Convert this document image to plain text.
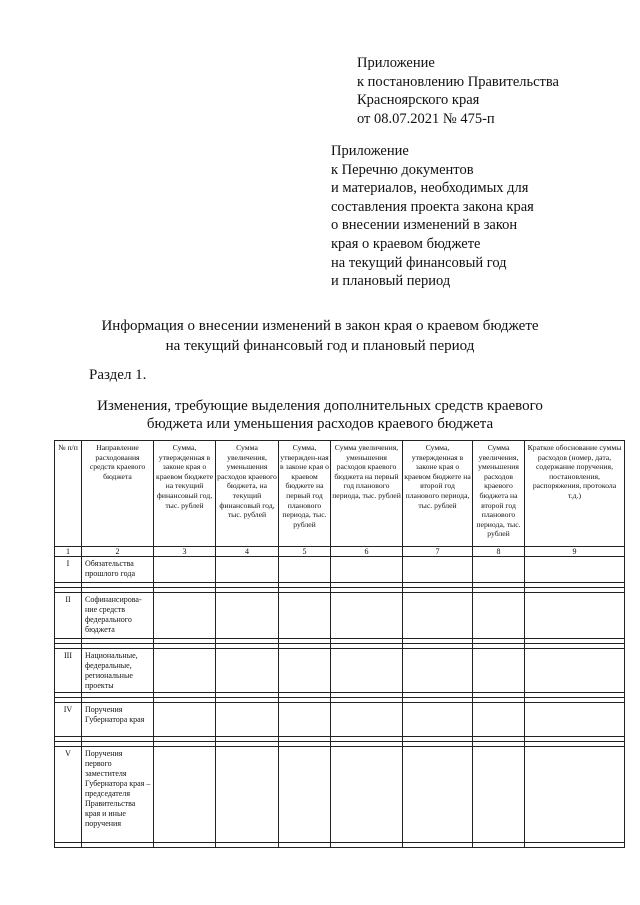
Приложение
к постановлению Правительства
Красноярского края
от 08.07.2021 № 475-п
Приложение
к Перечню документов
и материалов, необходимых для
составления проекта закона края
о внесении изменений в закон
края о краевом бюджете
на текущий финансовый год
и плановый период
Информация о внесении изменений в закон края о краевом бюджете
на текущий финансовый год и плановый период
Раздел 1.
Изменения, требующие выделения дополнительных средств краевого
бюджета или уменьшения расходов краевого бюджета
№ п/п	Направление расходования средств краевого бюджета	Сумма, утвержденная в законе края о краевом бюджете на текущий финансовый год, тыс. рублей	Сумма увеличения, уменьшения расходов краевого бюджета, на текущий финансовый год, тыс. рублей	Сумма, утвержден-ная в законе края о краевом бюджете на первый год планового периода, тыс. рублей	Сумма увеличения, уменьшения расходов краевого бюджета на первый год планового периода, тыс. рублей	Сумма, утвержденная в законе края о краевом бюджете на второй год планового периода, тыс. рублей	Сумма увеличения, уменьшения расходов краевого бюджета на второй год планового периода, тыс. рублей	Краткое обоснование суммы расходов (номер, дата, содержание поручения, постановления, распоряжения, протокола т.д.)

1	2	3	4	5	6	7	8	9
I	Обязательства прошлого года							

II	Софинансирова-ние средств федерального бюджета							

III	Национальные, федеральные, региональные проекты							

IV	Поручения Губернатора края							

V	Поручения первого заместителя Губернатора края – председателя Правительства края и иные поручения							
